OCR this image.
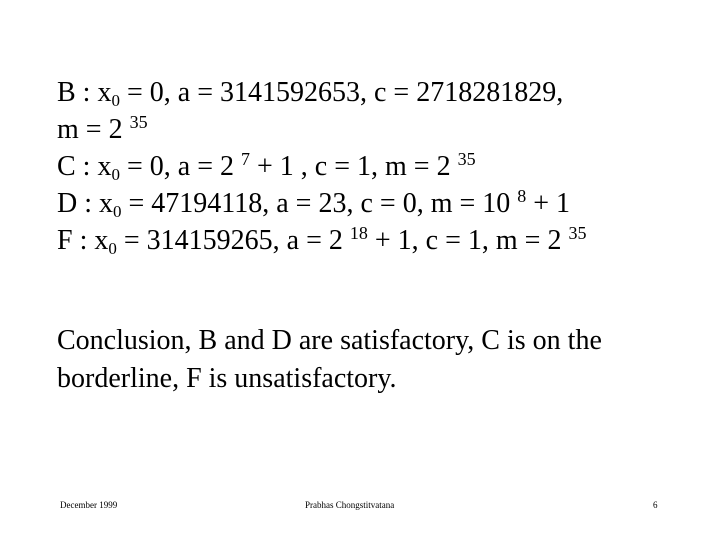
B : $x_0 = 0$, a = 3141592653, c = 2718281829,
m = 2 $^{35}$
C : $x_0 = 0$, a = 2 $^7$ + 1 , c = 1, m = 2 $^{35}$
D : $x_0 = 47194118$, a = 23, c = 0, m = 10 $^8$ + 1
F : $x_0 = 314159265$, a = 2 $^{18}$ + 1, c = 1, m = 2 $^{35}$
Conclusion, B and D are satisfactory, C is on the borderline, F is unsatisfactory.
December 1999	Prabhas Chongstitvatana	6
